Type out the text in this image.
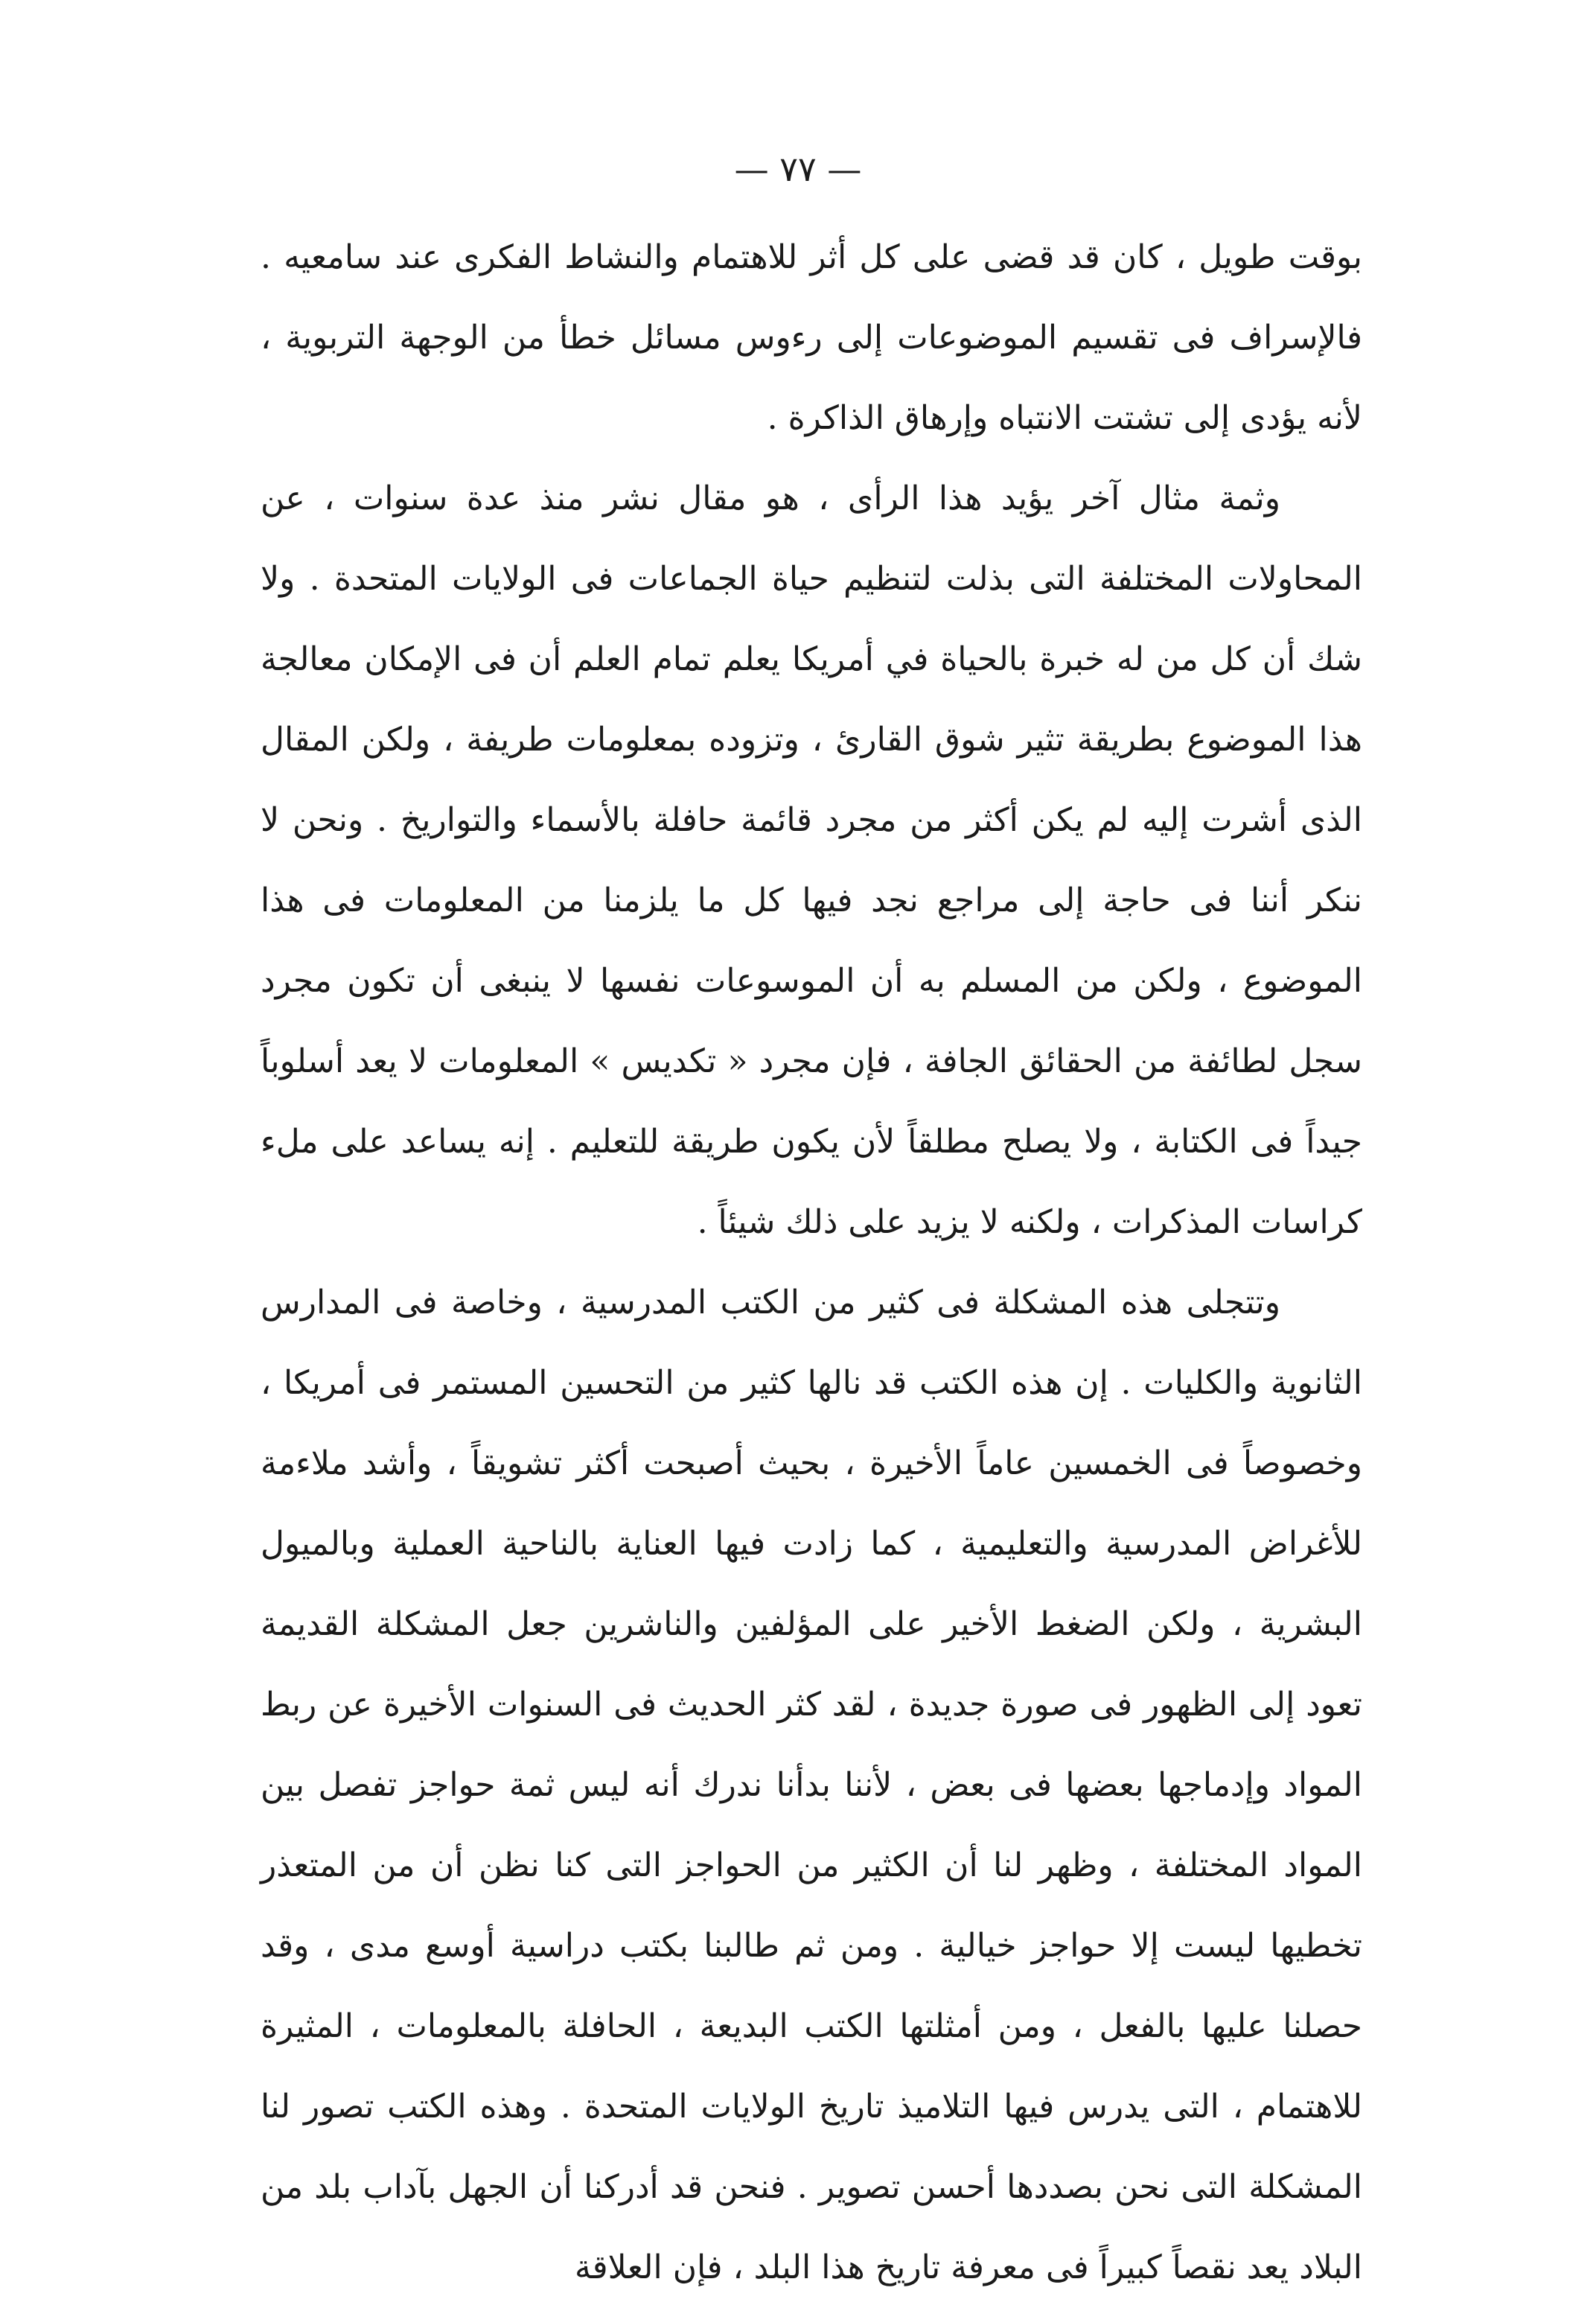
— ٧٧ —

بوقت طويل ، كان قد قضى على كل أثر للاهتمام والنشاط الفكرى عند سامعيه . فالإسراف فى تقسيم الموضوعات إلى رءوس مسائل خطأ من الوجهة التربوية ، لأنه يؤدى إلى تشتت الانتباه وإرهاق الذاكرة .

وثمة مثال آخر يؤيد هذا الرأى ، هو مقال نشر منذ عدة سنوات ، عن المحاولات المختلفة التى بذلت لتنظيم حياة الجماعات فى الولايات المتحدة . ولا شك أن كل من له خبرة بالحياة في أمريكا يعلم تمام العلم أن فى الإمكان معالجة هذا الموضوع بطريقة تثير شوق القارئ ، وتزوده بمعلومات طريفة ، ولكن المقال الذى أشرت إليه لم يكن أكثر من مجرد قائمة حافلة بالأسماء والتواريخ . ونحن لا ننكر أننا فى حاجة إلى مراجع نجد فيها كل ما يلزمنا من المعلومات فى هذا الموضوع ، ولكن من المسلم به أن الموسوعات نفسها لا ينبغى أن تكون مجرد سجل لطائفة من الحقائق الجافة ، فإن مجرد « تكديس » المعلومات لا يعد أسلوباً جيداً فى الكتابة ، ولا يصلح مطلقاً لأن يكون طريقة للتعليم . إنه يساعد على ملء كراسات المذكرات ، ولكنه لا يزيد على ذلك شيئاً .

وتتجلى هذه المشكلة فى كثير من الكتب المدرسية ، وخاصة فى المدارس الثانوية والكليات . إن هذه الكتب قد نالها كثير من التحسين المستمر فى أمريكا ، وخصوصاً فى الخمسين عاماً الأخيرة ، بحيث أصبحت أكثر تشويقاً ، وأشد ملاءمة للأغراض المدرسية والتعليمية ، كما زادت فيها العناية بالناحية العملية وبالميول البشرية ، ولكن الضغط الأخير على المؤلفين والناشرين جعل المشكلة القديمة تعود إلى الظهور فى صورة جديدة ، لقد كثر الحديث فى السنوات الأخيرة عن ربط المواد وإدماجها بعضها فى بعض ، لأننا بدأنا ندرك أنه ليس ثمة حواجز تفصل بين المواد المختلفة ، وظهر لنا أن الكثير من الحواجز التى كنا نظن أن من المتعذر تخطيها ليست إلا حواجز خيالية . ومن ثم طالبنا بكتب دراسية أوسع مدى ، وقد حصلنا عليها بالفعل ، ومن أمثلتها الكتب البديعة ، الحافلة بالمعلومات ، المثيرة للاهتمام ، التى يدرس فيها التلاميذ تاريخ الولايات المتحدة . وهذه الكتب تصور لنا المشكلة التى نحن بصددها أحسن تصوير . فنحن قد أدركنا أن الجهل بآداب بلد من البلاد يعد نقصاً كبيراً فى معرفة تاريخ هذا البلد ، فإن العلاقة
